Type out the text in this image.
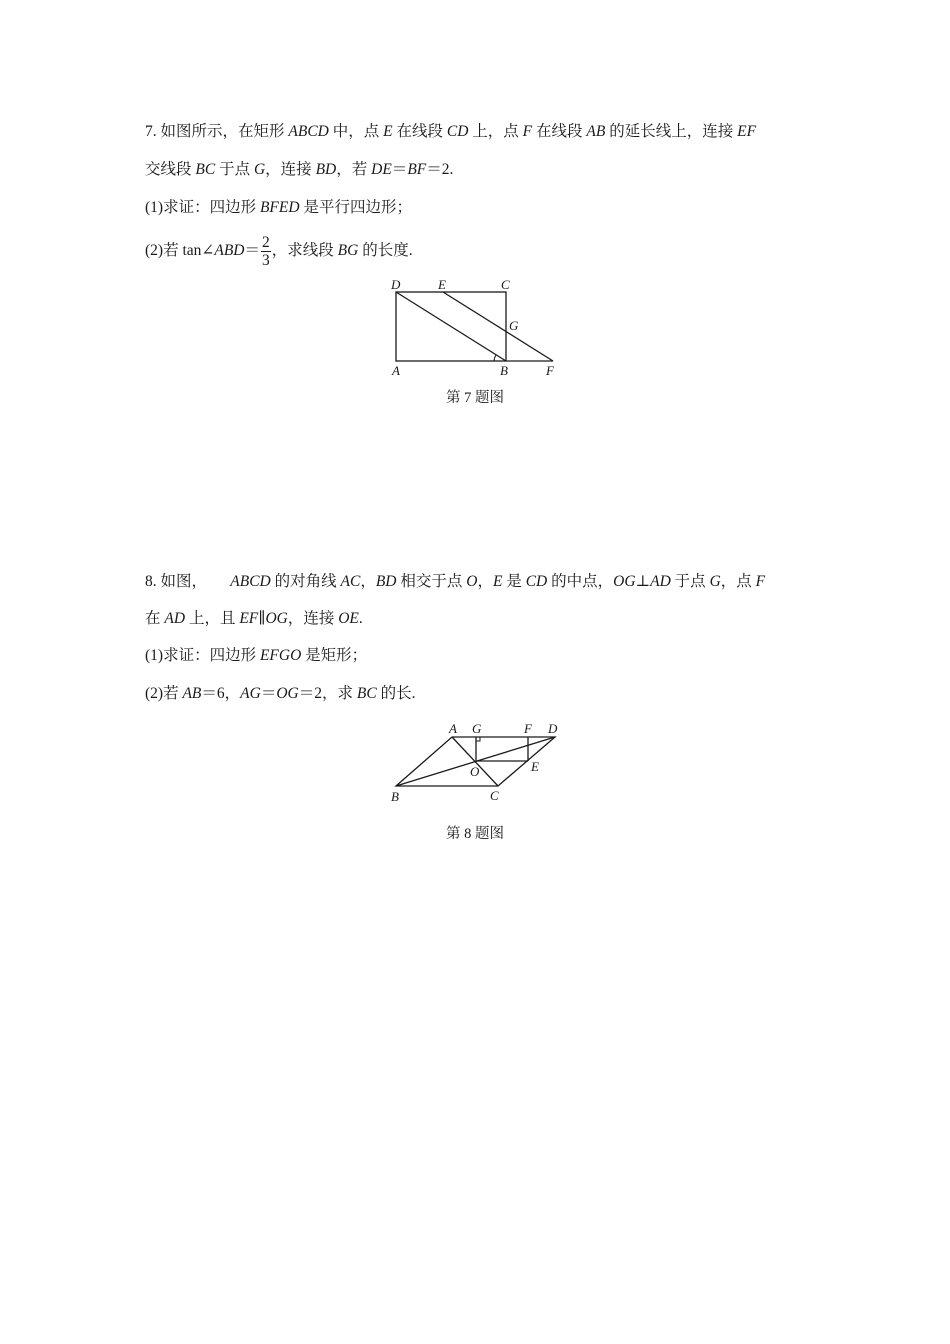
7. 如图所示，在矩形 ABCD 中，点 E 在线段 CD 上，点 F 在线段 AB 的延长线上，连接 EF
交线段 BC 于点 G，连接 BD，若 DE＝BF＝2.
(1)求证：四边形 BFED 是平行四边形；
(2)若 tan∠ABD＝ $\frac{2}{3}$ ，求线段 BG 的长度.
D	E	C
G
A	B	F
A G	F D
O	E
B	C
第 7 题图
8. 如图，　　ABCD 的对角线 AC，BD 相交于点 O，E 是 CD 的中点，OG⊥AD 于点 G，点 F
在 AD 上，且 EF∥OG，连接 OE.
(1)求证：四边形 EFGO 是矩形；
(2)若 AB＝6，AG＝OG＝2，求 BC 的长.
第 8 题图
